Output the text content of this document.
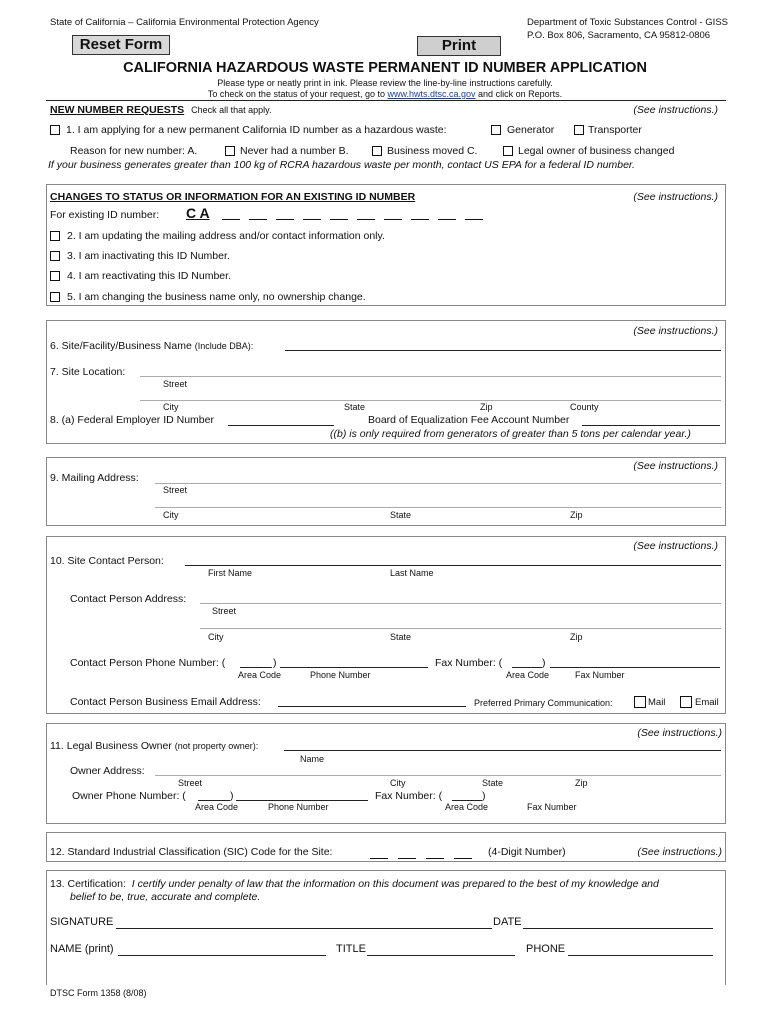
State of California – California Environmental Protection Agency	Department of Toxic Substances Control - GISS
P.O. Box 806, Sacramento, CA 95812-0806
Reset Form	Print
CALIFORNIA HAZARDOUS WASTE PERMANENT ID NUMBER APPLICATION
Please type or neatly print in ink. Please review the line-by-line instructions carefully.
To check on the status of your request, go to www.hwts.dtsc.ca.gov and click on Reports.
NEW NUMBER REQUESTS Check all that apply.	(See instructions.)
1. I am applying for a new permanent California ID number as a hazardous waste:	Generator	Transporter
Reason for new number: A.	Never had a number B.	Business moved C.	Legal owner of business changed
If your business generates greater than 100 kg of RCRA hazardous waste per month, contact US EPA for a federal ID number.
CHANGES TO STATUS OR INFORMATION FOR AN EXISTING ID NUMBER	(See instructions.)
For existing ID number: C A
2. I am updating the mailing address and/or contact information only.
3. I am inactivating this ID Number.
4. I am reactivating this ID Number.
5. I am changing the business name only, no ownership change.
(See instructions.)
6. Site/Facility/Business Name (Include DBA):
7. Site Location:
Street
City	State	Zip	County
8. (a) Federal Employer ID Number	Board of Equalization Fee Account Number
((b) is only required from generators of greater than 5 tons per calendar year.)
(See instructions.)
9. Mailing Address:
Street
City	State	Zip
(See instructions.)
10. Site Contact Person:
First Name	Last Name
Contact Person Address:
Street
City	State	Zip
Contact Person Phone Number: (	)
Area Code	Phone Number
Fax Number: (	)
Area Code	Fax Number
Contact Person Business Email Address:	Preferred Primary Communication:	Mail	Email
(See instructions.)
11. Legal Business Owner (not property owner):
Name
Owner Address:
Street	City	State	Zip
Owner Phone Number: (	)
Area Code	Phone Number
Fax Number: (	)
Area Code	Fax Number
12. Standard Industrial Classification (SIC) Code for the Site:	(4-Digit Number)	(See instructions.)
13. Certification: I certify under penalty of law that the information on this document was prepared to the best of my knowledge and
belief to be, true, accurate and complete.
SIGNATURE	DATE
NAME (print)	TITLE	PHONE
DTSC Form 1358 (8/08)
